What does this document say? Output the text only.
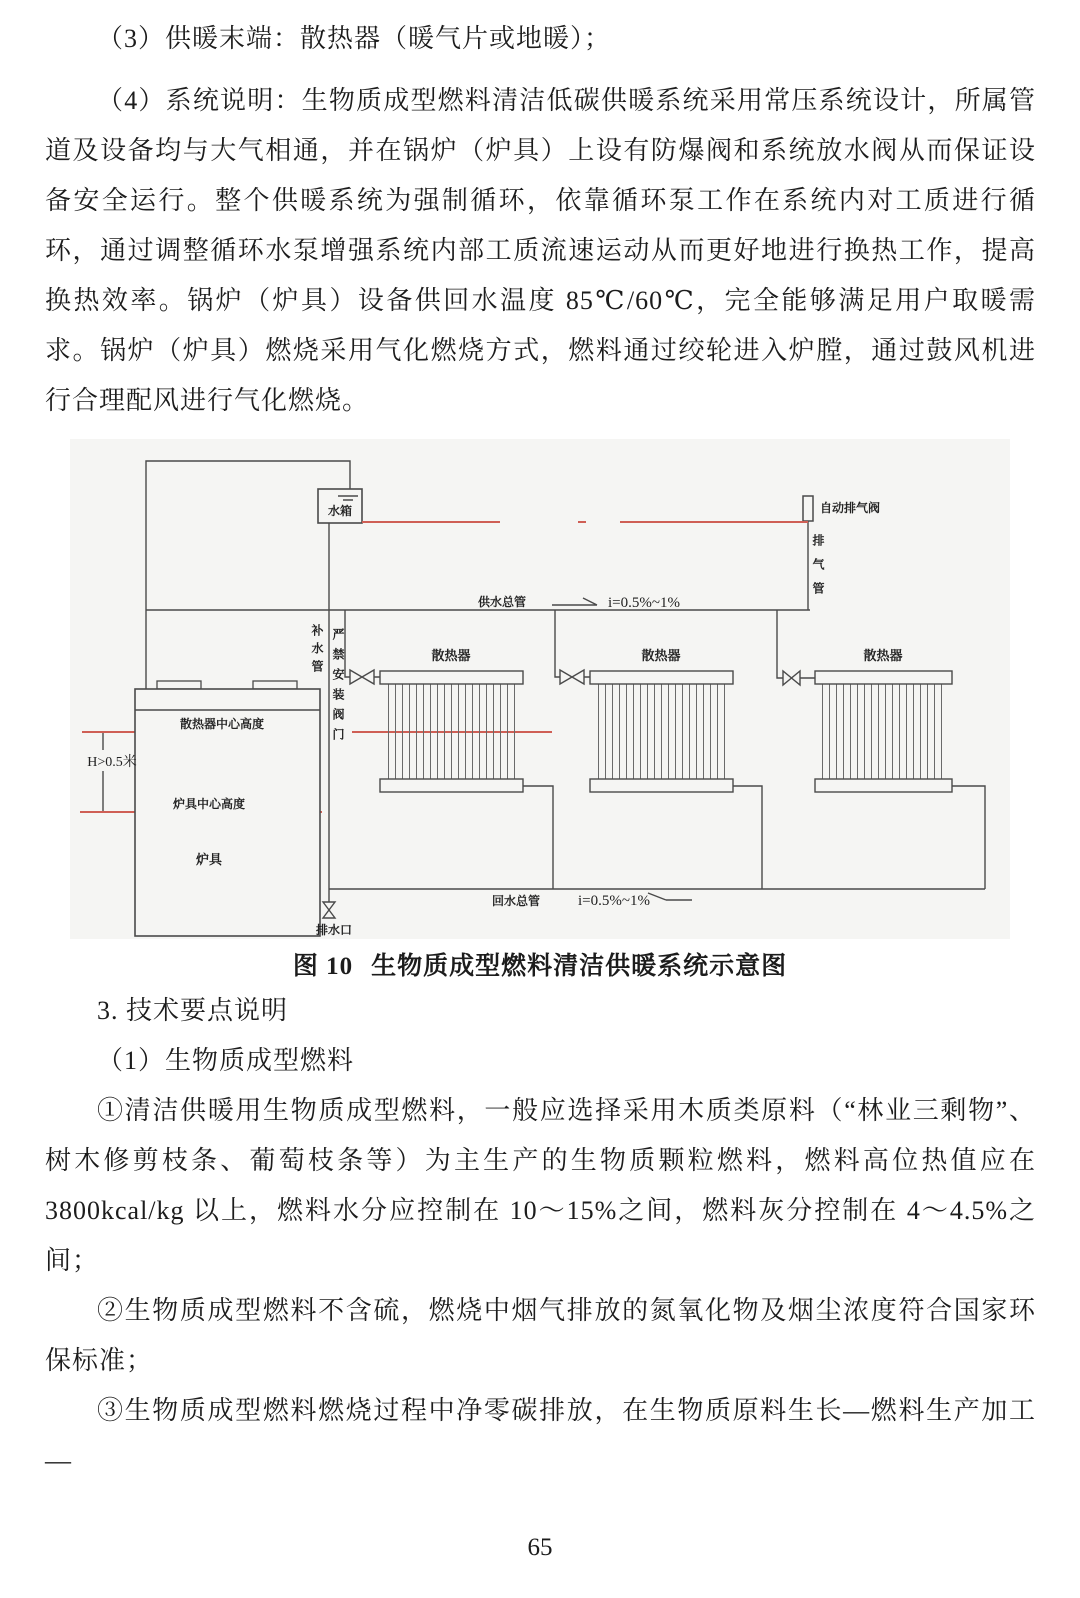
（3）供暖末端：散热器（暖气片或地暖）；

（4）系统说明：生物质成型燃料清洁低碳供暖系统采用常压系统设计，所属管道及设备均与大气相通，并在锅炉（炉具）上设有防爆阀和系统放水阀从而保证设备安全运行。整个供暖系统为强制循环，依靠循环泵工作在系统内对工质进行循环，通过调整循环水泵增强系统内部工质流速运动从而更好地进行换热工作，提高换热效率。锅炉（炉具）设备供回水温度 85℃/60℃，完全能够满足用户取暖需求。锅炉（炉具）燃烧采用气化燃烧方式，燃料通过绞轮进入炉膛，通过鼓风机进行合理配风进行气化燃烧。

水箱	自动排气阀
排气管
散热器	散热器	散热器
散热器中心高度
炉具中心高度
炉具
H>0.5米
供水总管	i=0.5%~1%
补水管 严禁安装阀门
回水总管	i=0.5%~1%
排水口
图 10 生物质成型燃料清洁供暖系统示意图

3. 技术要点说明

（1）生物质成型燃料

①清洁供暖用生物质成型燃料，一般应选择采用木质类原料（“林业三剩物”、树木修剪枝条、葡萄枝条等）为主生产的生物质颗粒燃料，燃料高位热值应在 3800kcal/kg 以上，燃料水分应控制在 10～15%之间，燃料灰分控制在 4～4.5%之间；

②生物质成型燃料不含硫，燃烧中烟气排放的氮氧化物及烟尘浓度符合国家环保标准；

③生物质成型燃料燃烧过程中净零碳排放，在生物质原料生长—燃料生产加工—

65
